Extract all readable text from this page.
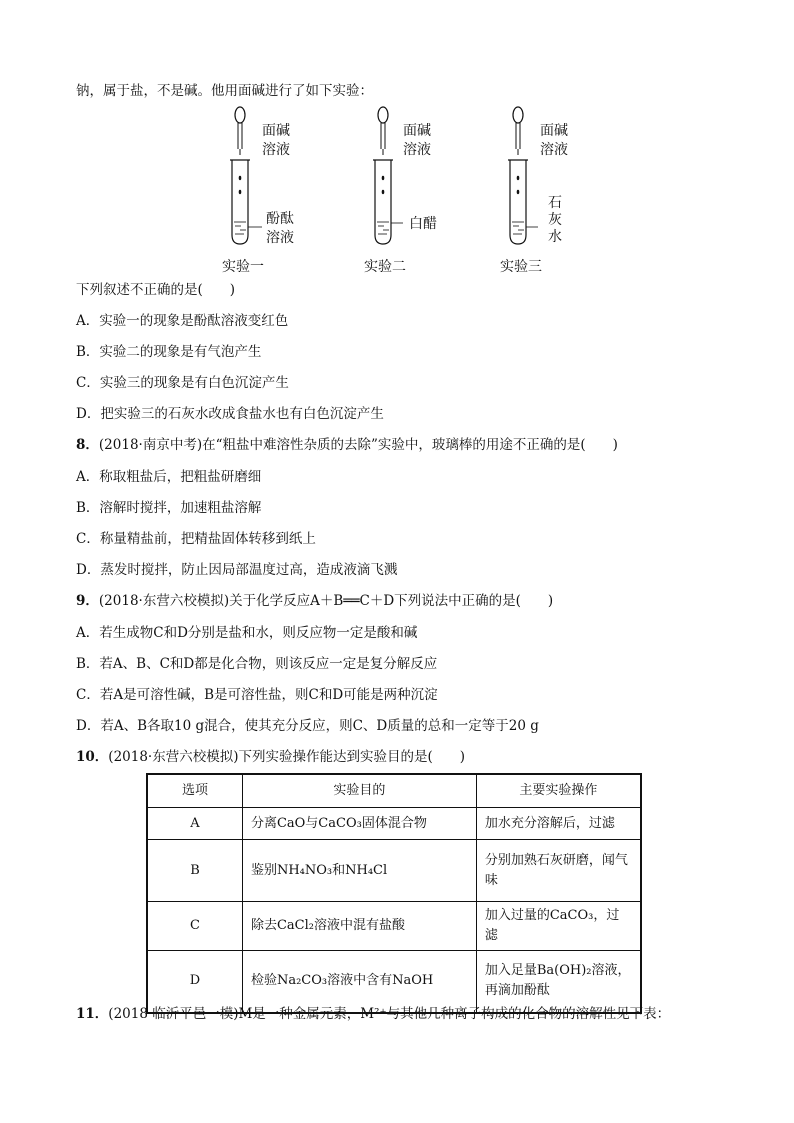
钠，属于盐，不是碱。他用面碱进行了如下实验：
面碱
溶液
酚酞
溶液
面碱
溶液
白醋
面碱
溶液
石
灰
水
实验一	实验二	实验三
下列叙述不正确的是(　　)
A．实验一的现象是酚酞溶液变红色
B．实验二的现象是有气泡产生
C．实验三的现象是有白色沉淀产生
D．把实验三的石灰水改成食盐水也有白色沉淀产生
8．(2018·南京中考)在“粗盐中难溶性杂质的去除”实验中，玻璃棒的用途不正确的是(　　)
A．称取粗盐后，把粗盐研磨细
B．溶解时搅拌，加速粗盐溶解
C．称量精盐前，把精盐固体转移到纸上
D．蒸发时搅拌，防止因局部温度过高，造成液滴飞溅
9．(2018·东营六校模拟)关于化学反应A＋B══C＋D下列说法中正确的是(　　)
A．若生成物C和D分别是盐和水，则反应物一定是酸和碱
B．若A、B、C和D都是化合物，则该反应一定是复分解反应
C．若A是可溶性碱，B是可溶性盐，则C和D可能是两种沉淀
D．若A、B各取10 g混合，使其充分反应，则C、D质量的总和一定等于20 g
10．(2018·东营六校模拟)下列实验操作能达到实验目的是(　　)
选项	实验目的	主要实验操作
A	分离CaO与CaCO₃固体混合物	加水充分溶解后，过滤
B	鉴别NH₄NO₃和NH₄Cl	分别加熟石灰研磨，闻气味
C	除去CaCl₂溶液中混有盐酸	加入过量的CaCO₃，过滤
D	检验Na₂CO₃溶液中含有NaOH	加入足量Ba(OH)₂溶液，再滴加酚酞
11．(2018·临沂平邑一模)M是一种金属元素，M²⁺与其他几种离子构成的化合物的溶解性见下表：
